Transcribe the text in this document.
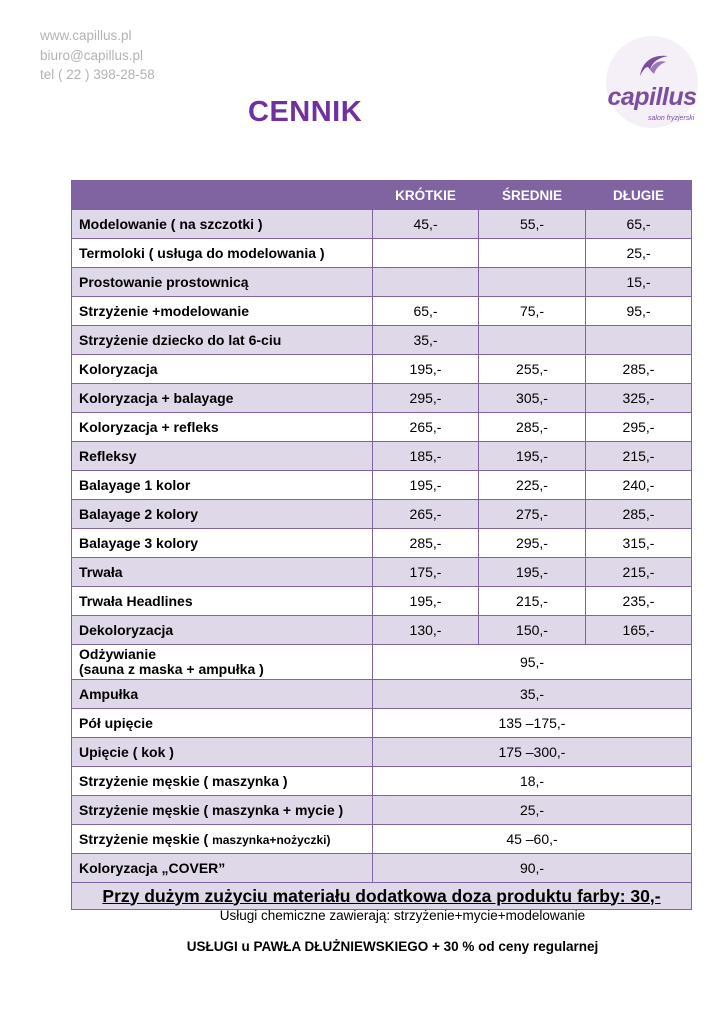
www.capillus.pl
biuro@capillus.pl
tel ( 22 ) 398-28-58
capillus
salon fryzjerski
CENNIK
	KRÓTKIE	ŚREDNIE	DŁUGIE
Modelowanie ( na szczotki )	45,-	55,-	65,-
Termoloki ( usługa do modelowania )			25,-
Prostowanie prostownicą			15,-
Strzyżenie +modelowanie	65,-	75,-	95,-
Strzyżenie dziecko do lat 6-ciu	35,-		
Koloryzacja	195,-	255,-	285,-
Koloryzacja + balayage	295,-	305,-	325,-
Koloryzacja + refleks	265,-	285,-	295,-
Refleksy	185,-	195,-	215,-
Balayage 1 kolor	195,-	225,-	240,-
Balayage 2 kolory	265,-	275,-	285,-
Balayage 3 kolory	285,-	295,-	315,-
Trwała	175,-	195,-	215,-
Trwała Headlines	195,-	215,-	235,-
Dekoloryzacja	130,-	150,-	165,-

Odżywianie
(sauna z maska + ampułka )	95,-		
Ampułka	35,-		
Pół upięcie	135 –175,-		
Upięcie ( kok )	175 –300,-		
Strzyżenie męskie ( maszynka )	18,-		
Strzyżenie męskie ( maszynka + mycie )	25,-		
Strzyżenie męskie ( maszynka+nożyczki)	45 –60,-		
Koloryzacja „COVER”	90,-		
Przy dużym zużyciu materiału dodatkowa doza produktu farby: 30,-			
Usługi chemiczne zawierają: strzyżenie+mycie+modelowanie
USŁUGI u PAWŁA DŁUŻNIEWSKIEGO + 30 % od ceny regularnej
